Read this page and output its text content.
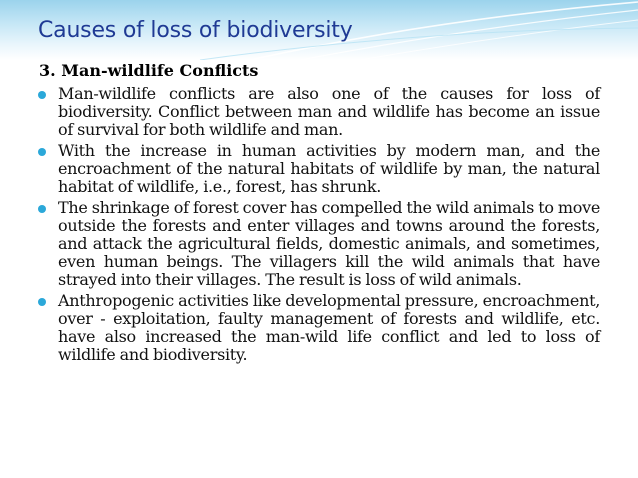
Causes of loss of biodiversity
3. Man-wildlife Conflicts
Man-wildlife conflicts are also one of the causes for loss of biodiversity. Conflict between man and wildlife has become an issue of survival for both wildlife and man.
With the increase in human activities by modern man, and the encroachment of the natural habitats of wildlife by man, the natural habitat of wildlife, i.e., forest, has shrunk.
The shrinkage of forest cover has compelled the wild animals to move outside the forests and enter villages and towns around the forests, and attack the agricultural fields, domestic animals, and sometimes, even human beings. The villagers kill the wild animals that have strayed into their villages. The result is loss of wild animals.
Anthropogenic activities like developmental pressure, encroachment, over - exploitation, faulty management of forests and wildlife, etc. have also increased the man-wild life conflict and led to loss of wildlife and biodiversity.
